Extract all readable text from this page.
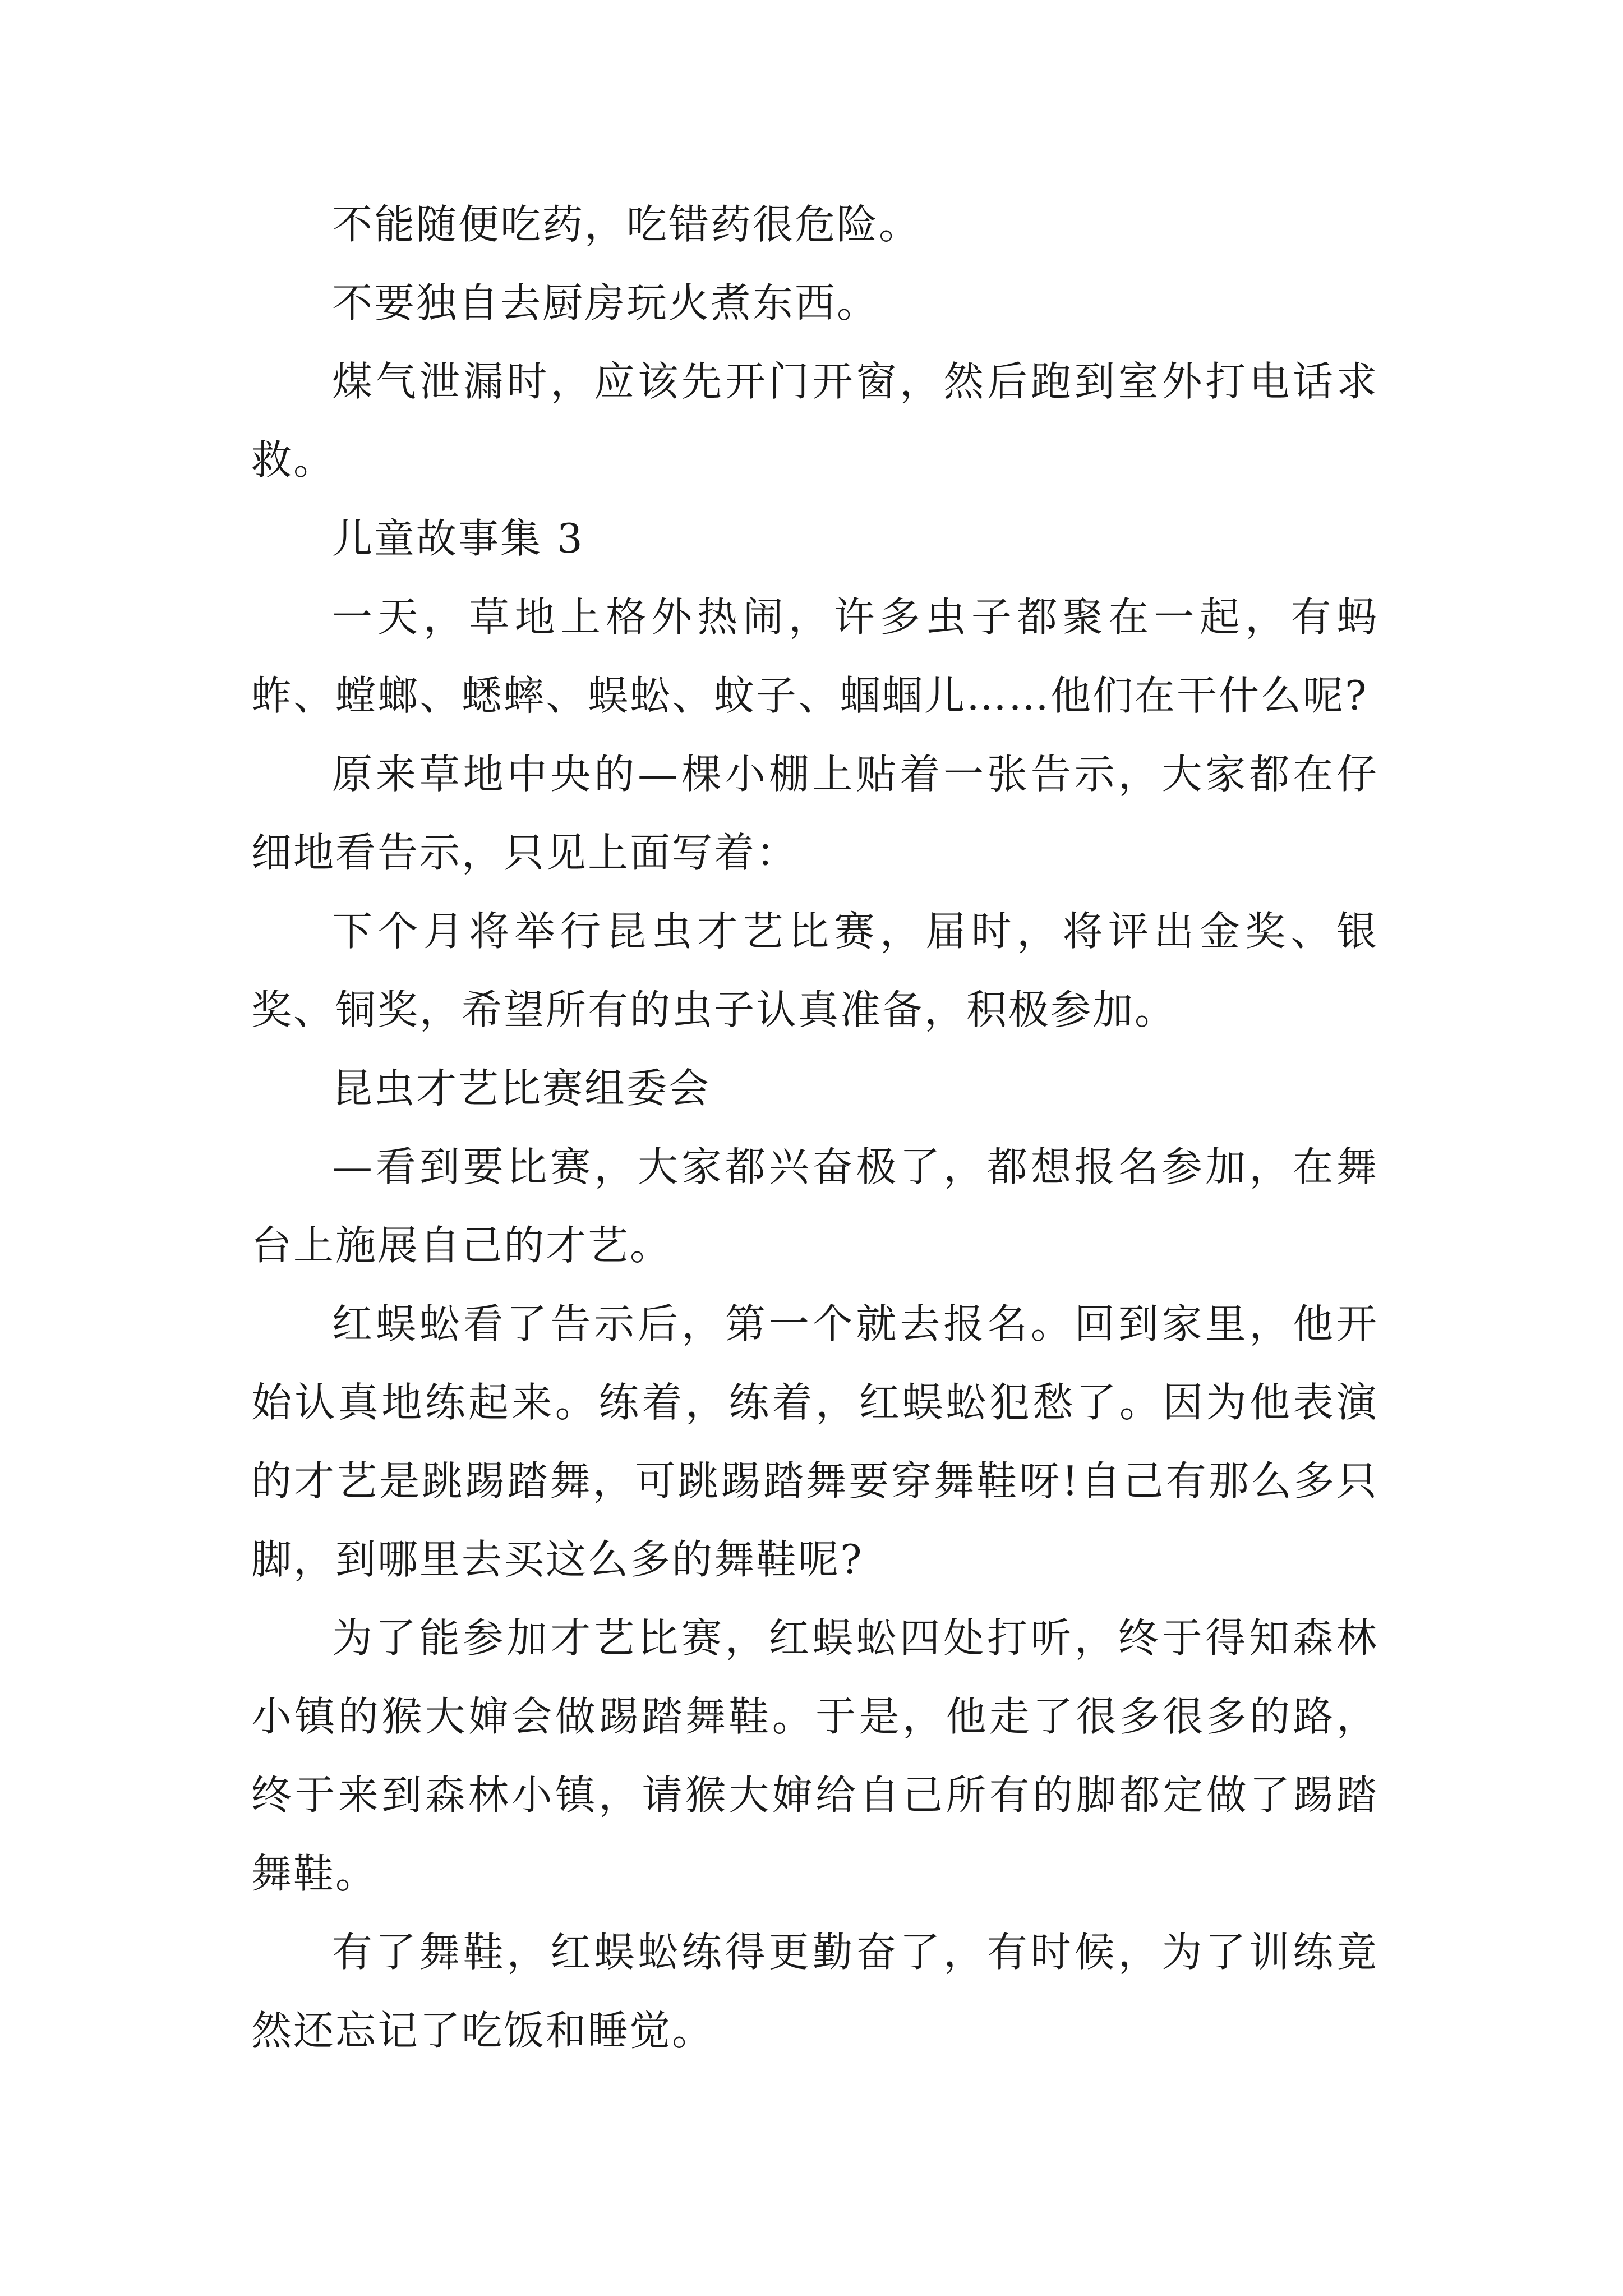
不能随便吃药，吃错药很危险。

不要独自去厨房玩火煮东西。

煤气泄漏时，应该先开门开窗，然后跑到室外打电话求救。

儿童故事集 3

一天，草地上格外热闹，许多虫子都聚在一起，有蚂蚱、螳螂、蟋蟀、蜈蚣、蚊子、蝈蝈儿……他们在干什么呢?

原来草地中央的—棵小棚上贴着一张告示，大家都在仔细地看告示，只见上面写着：

下个月将举行昆虫才艺比赛，届时，将评出金奖、银奖、铜奖，希望所有的虫子认真准备，积极参加。

昆虫才艺比赛组委会

—看到要比赛，大家都兴奋极了，都想报名参加，在舞台上施展自己的才艺。

红蜈蚣看了告示后，第一个就去报名。回到家里，他开始认真地练起来。练着，练着，红蜈蚣犯愁了。因为他表演的才艺是跳踢踏舞，可跳踢踏舞要穿舞鞋呀!自己有那么多只脚，到哪里去买这么多的舞鞋呢?

为了能参加才艺比赛，红蜈蚣四处打听，终于得知森林小镇的猴大婶会做踢踏舞鞋。于是，他走了很多很多的路，终于来到森林小镇，请猴大婶给自己所有的脚都定做了踢踏舞鞋。

有了舞鞋，红蜈蚣练得更勤奋了，有时候，为了训练竟然还忘记了吃饭和睡觉。
